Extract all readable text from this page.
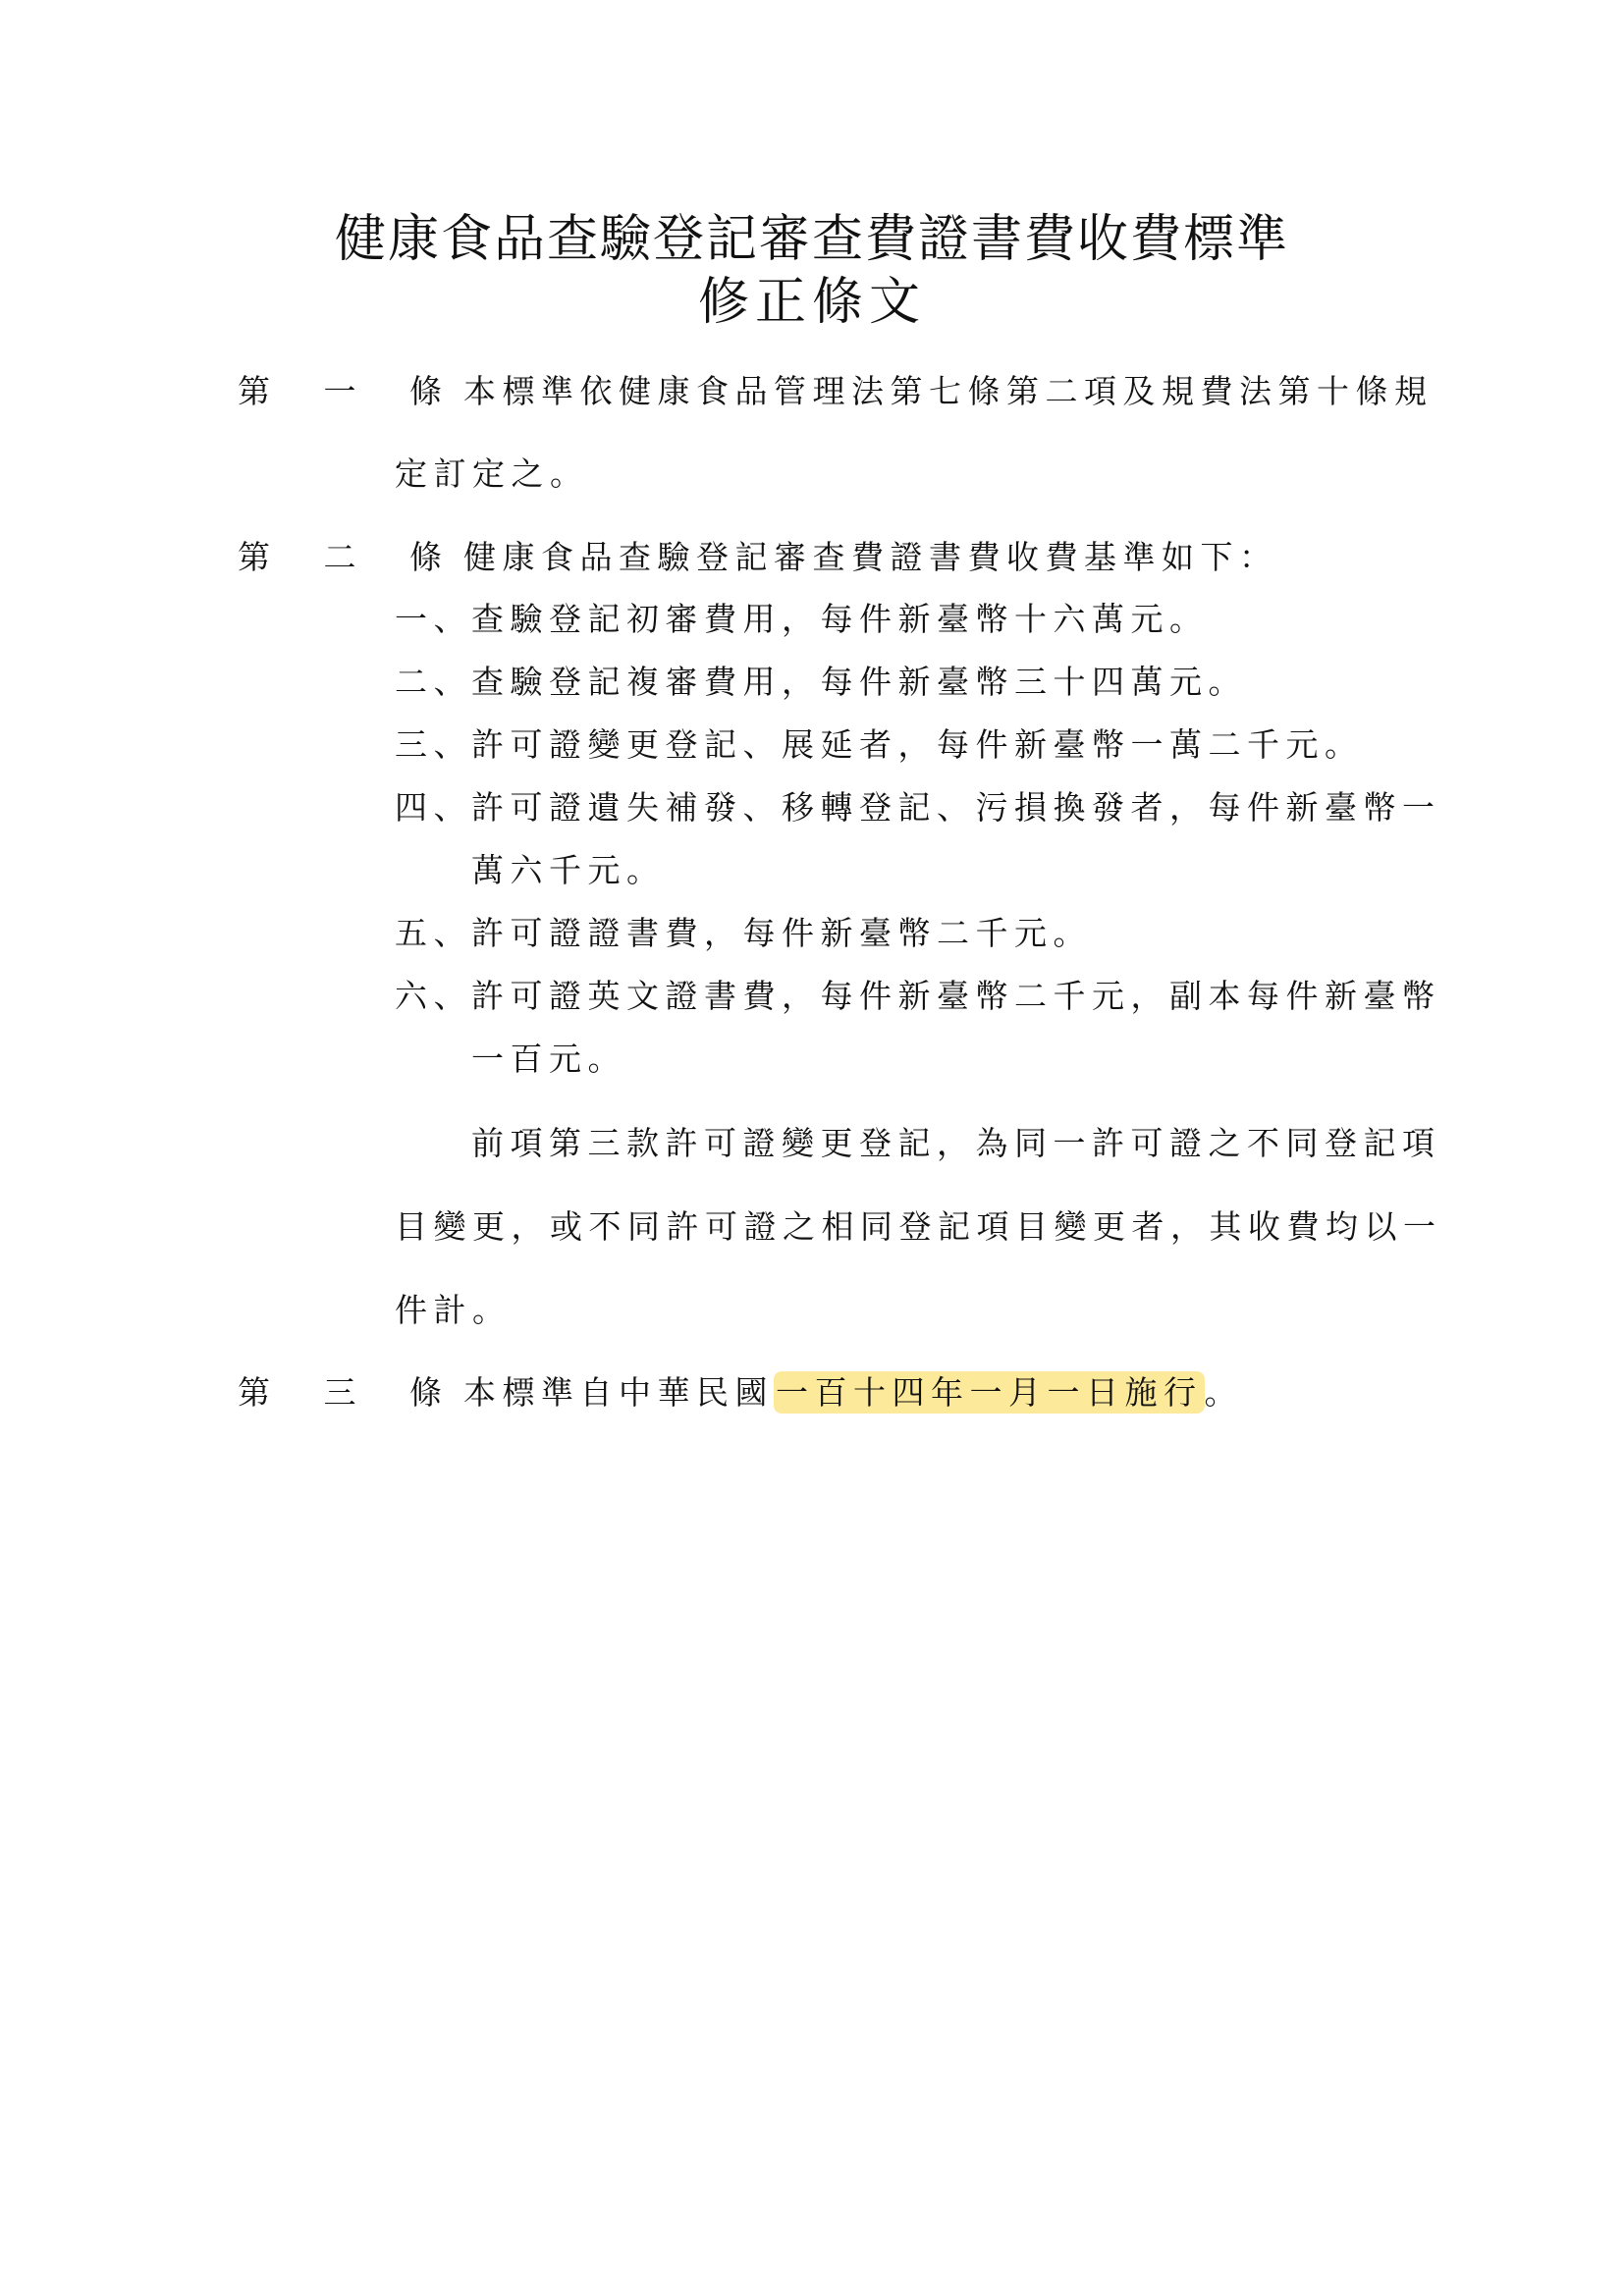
健康食品查驗登記審查費證書費收費標準
修正條文
第 一 條 本標準依健康食品管理法第七條第二項及規費法第十條規
定訂定之。
第 二 條 健康食品查驗登記審查費證書費收費基準如下：
一、 查驗登記初審費用，每件新臺幣十六萬元。
二、 查驗登記複審費用，每件新臺幣三十四萬元。
三、 許可證變更登記、展延者，每件新臺幣一萬二千元。
四、 許可證遺失補發、移轉登記、污損換發者，每件新臺幣一
萬六千元。
五、 許可證證書費，每件新臺幣二千元。
六、 許可證英文證書費，每件新臺幣二千元，副本每件新臺幣
一百元。
前項第三款許可證變更登記，為同一許可證之不同登記項
目變更，或不同許可證之相同登記項目變更者，其收費均以一
件計。
第 三 條 本標準自中華民國一百十四年一月一日施行。
